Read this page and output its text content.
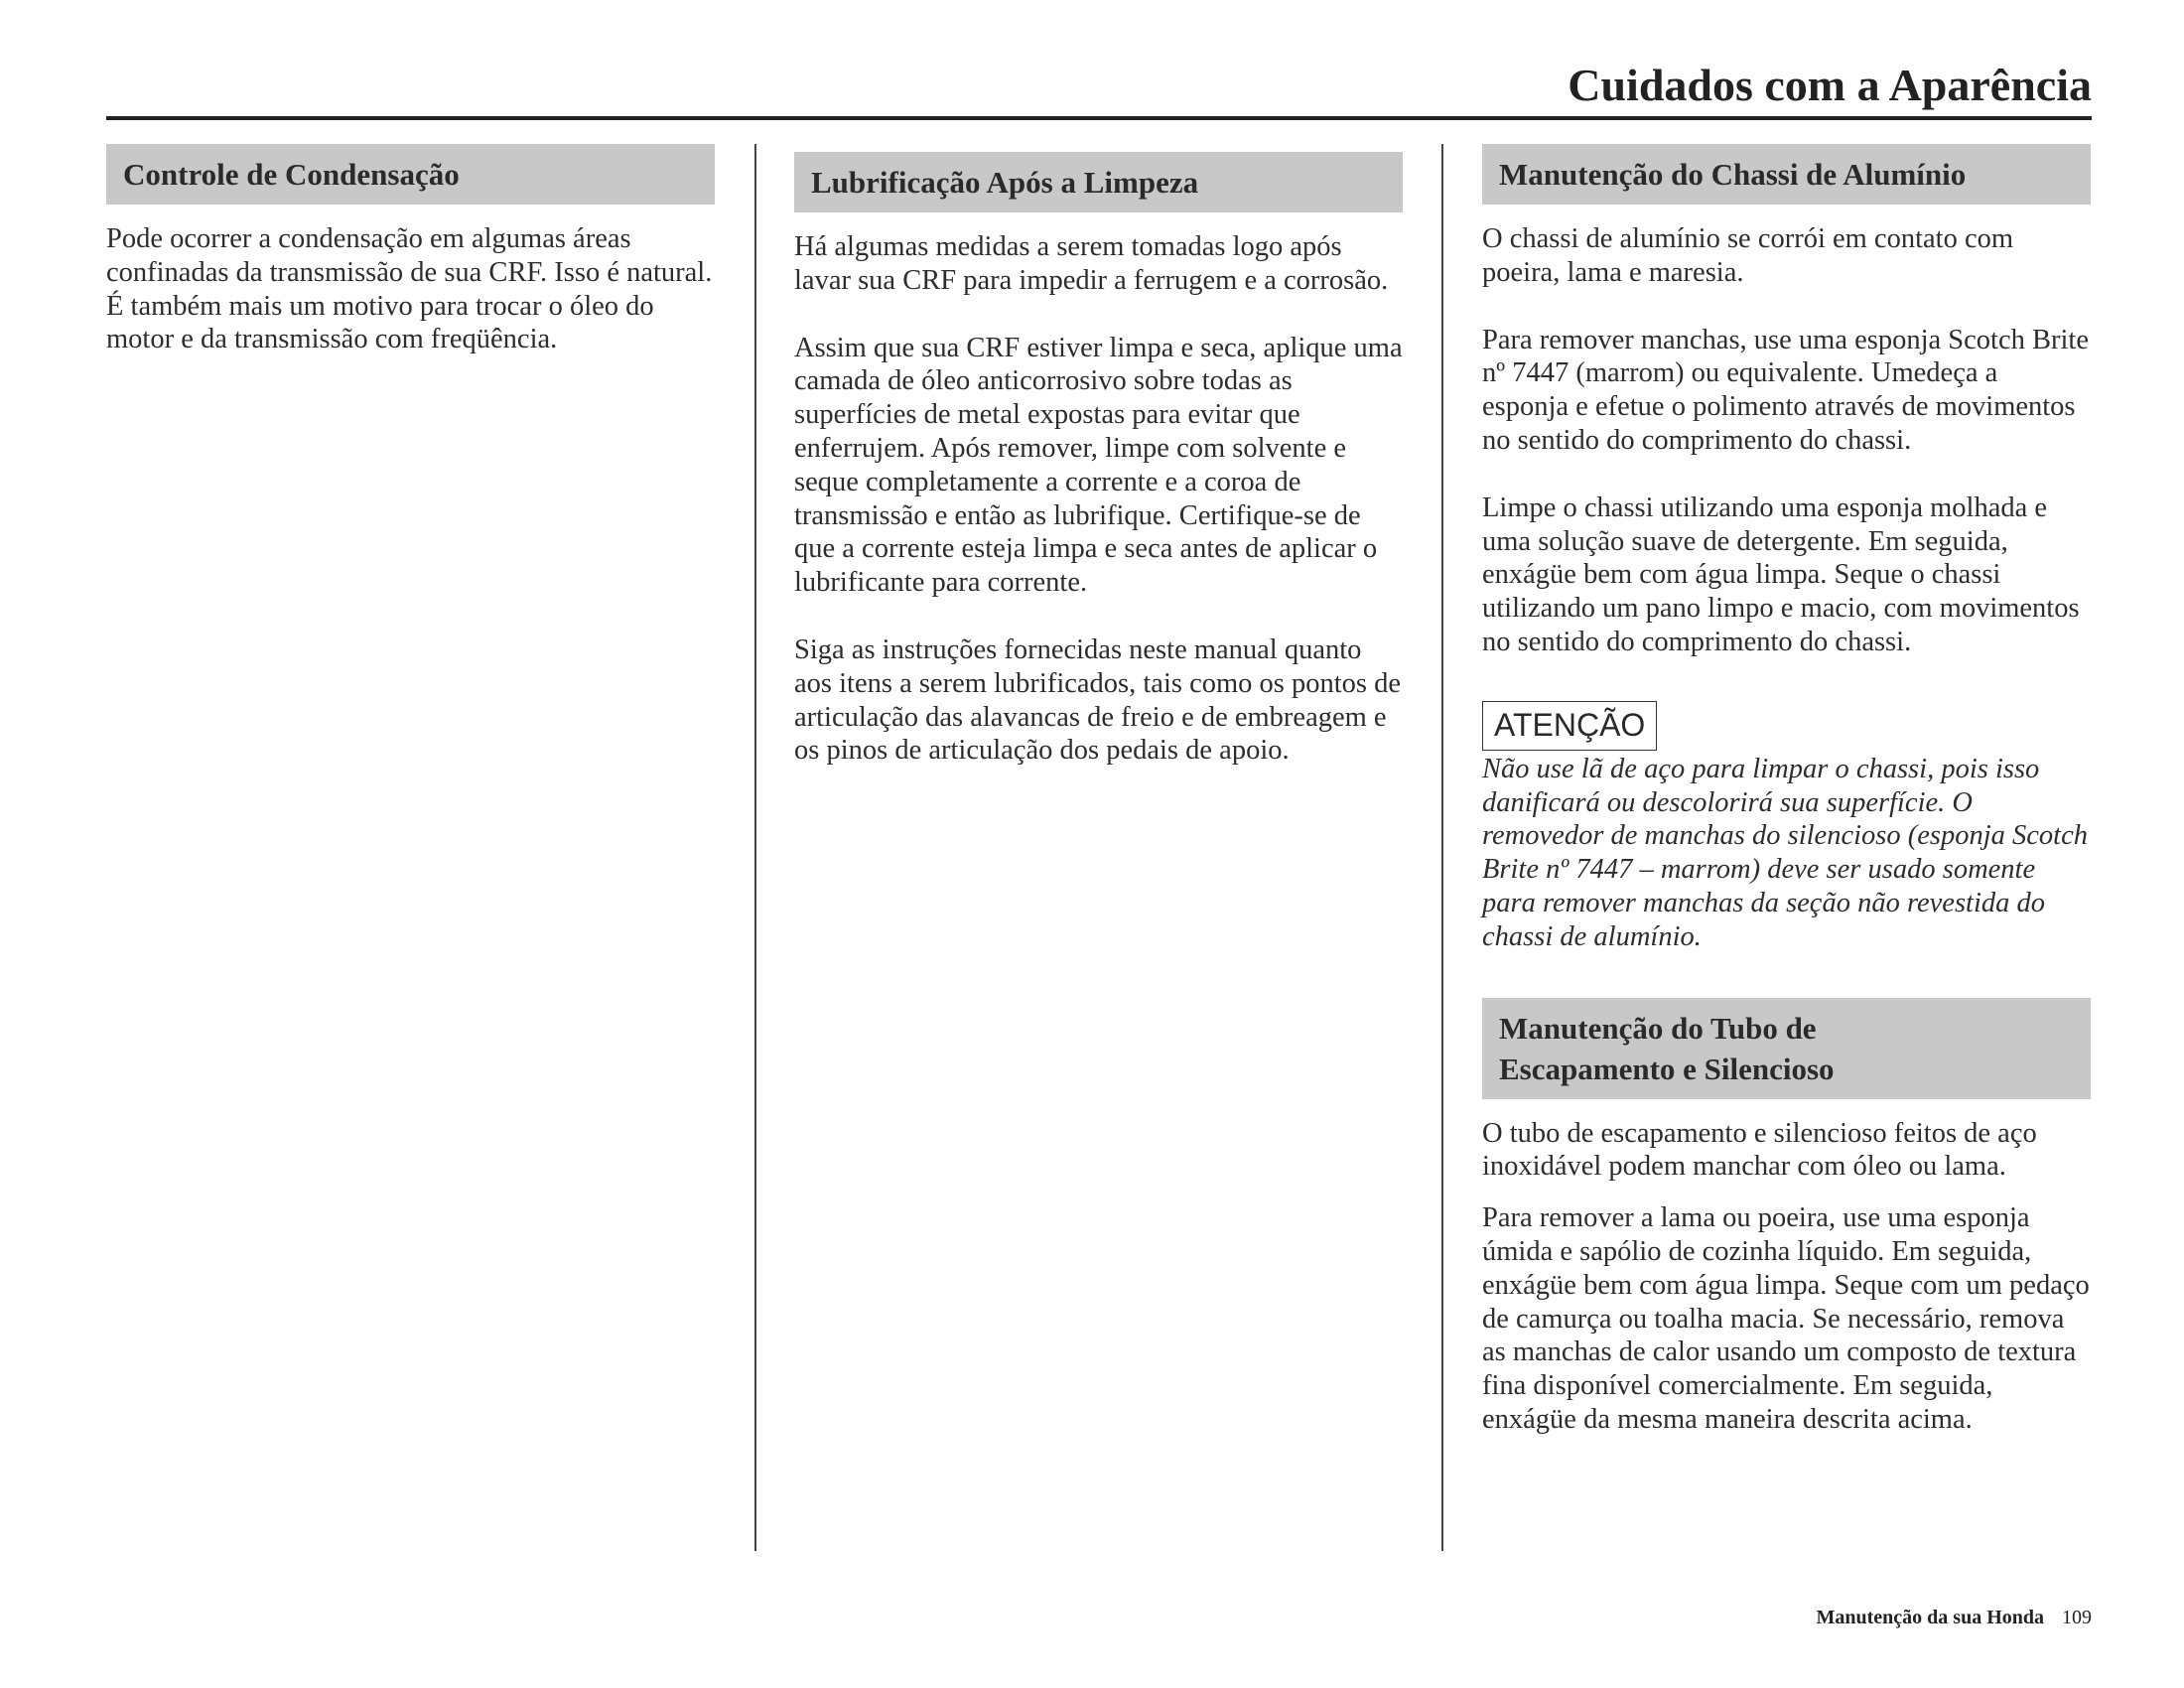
Cuidados com a Aparência
Controle de Condensação

Pode ocorrer a condensação em algumas áreas confinadas da transmissão de sua CRF. Isso é natural. É também mais um motivo para trocar o óleo do motor e da transmissão com freqüência.

Lubrificação Após a Limpeza

Há algumas medidas a serem tomadas logo após lavar sua CRF para impedir a ferrugem e a corrosão.

Assim que sua CRF estiver limpa e seca, aplique uma camada de óleo anticorrosivo sobre todas as superfícies de metal expostas para evitar que enferrujem. Após remover, limpe com solvente e seque completamente a corrente e a coroa de transmissão e então as lubrifique. Certifique-se de que a corrente esteja limpa e seca antes de aplicar o lubrificante para corrente.

Siga as instruções fornecidas neste manual quanto aos itens a serem lubrificados, tais como os pontos de articulação das alavancas de freio e de embreagem e os pinos de articulação dos pedais de apoio.

Manutenção do Chassi de Alumínio

O chassi de alumínio se corrói em contato com poeira, lama e maresia.

Para remover manchas, use uma esponja Scotch Brite nº 7447 (marrom) ou equivalente. Umedeça a esponja e efetue o polimento através de movimentos no sentido do comprimento do chassi.

Limpe o chassi utilizando uma esponja molhada e uma solução suave de detergente. Em seguida, enxágüe bem com água limpa. Seque o chassi utilizando um pano limpo e macio, com movimentos no sentido do comprimento do chassi.

ATENÇÃO

Não use lã de aço para limpar o chassi, pois isso danificará ou descolorirá sua superfície. O removedor de manchas do silencioso (esponja Scotch Brite nº 7447 – marrom) deve ser usado somente para remover manchas da seção não revestida do chassi de alumínio.

Manutenção do Tubo de
Escapamento e Silencioso

O tubo de escapamento e silencioso feitos de aço inoxidável podem manchar com óleo ou lama.

Para remover a lama ou poeira, use uma esponja úmida e sapólio de cozinha líquido. Em seguida, enxágüe bem com água limpa. Seque com um pedaço de camurça ou toalha macia. Se necessário, remova as manchas de calor usando um composto de textura fina disponível comercialmente. Em seguida, enxágüe da mesma maneira descrita acima.

Manutenção da sua Honda 109
